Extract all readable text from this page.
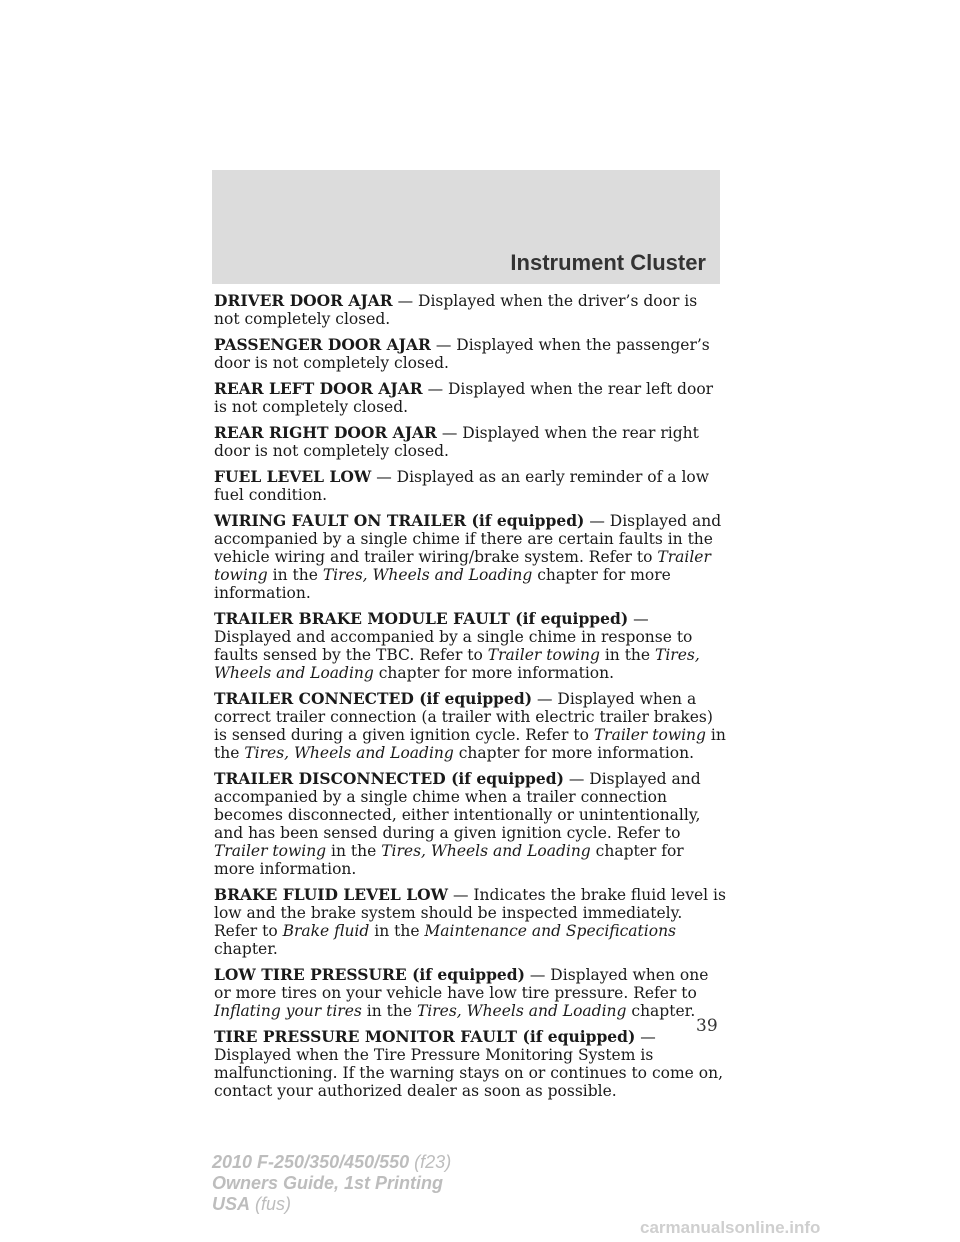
Instrument Cluster

DRIVER DOOR AJAR — Displayed when the driver’s door is not completely closed.

PASSENGER DOOR AJAR — Displayed when the passenger’s door is not completely closed.

REAR LEFT DOOR AJAR — Displayed when the rear left door is not completely closed.

REAR RIGHT DOOR AJAR — Displayed when the rear right door is not completely closed.

FUEL LEVEL LOW — Displayed as an early reminder of a low fuel condition.

WIRING FAULT ON TRAILER (if equipped) — Displayed and accompanied by a single chime if there are certain faults in the vehicle wiring and trailer wiring/brake system. Refer to Trailer towing in the Tires, Wheels and Loading chapter for more information.

TRAILER BRAKE MODULE FAULT (if equipped) — Displayed and accompanied by a single chime in response to faults sensed by the TBC. Refer to Trailer towing in the Tires, Wheels and Loading chapter for more information.

TRAILER CONNECTED (if equipped) — Displayed when a correct trailer connection (a trailer with electric trailer brakes) is sensed during a given ignition cycle. Refer to Trailer towing in the Tires, Wheels and Loading chapter for more information.

TRAILER DISCONNECTED (if equipped) — Displayed and accompanied by a single chime when a trailer connection becomes disconnected, either intentionally or unintentionally, and has been sensed during a given ignition cycle. Refer to Trailer towing in the Tires, Wheels and Loading chapter for more information.

BRAKE FLUID LEVEL LOW — Indicates the brake fluid level is low and the brake system should be inspected immediately. Refer to Brake fluid in the Maintenance and Specifications chapter.

LOW TIRE PRESSURE (if equipped) — Displayed when one or more tires on your vehicle have low tire pressure. Refer to Inflating your tires in the Tires, Wheels and Loading chapter.

TIRE PRESSURE MONITOR FAULT (if equipped) — Displayed when the Tire Pressure Monitoring System is malfunctioning. If the warning stays on or continues to come on, contact your authorized dealer as soon as possible.

39
2010 F-250/350/450/550 (f23)
Owners Guide, 1st Printing
USA (fus)
carmanualsonline.info
